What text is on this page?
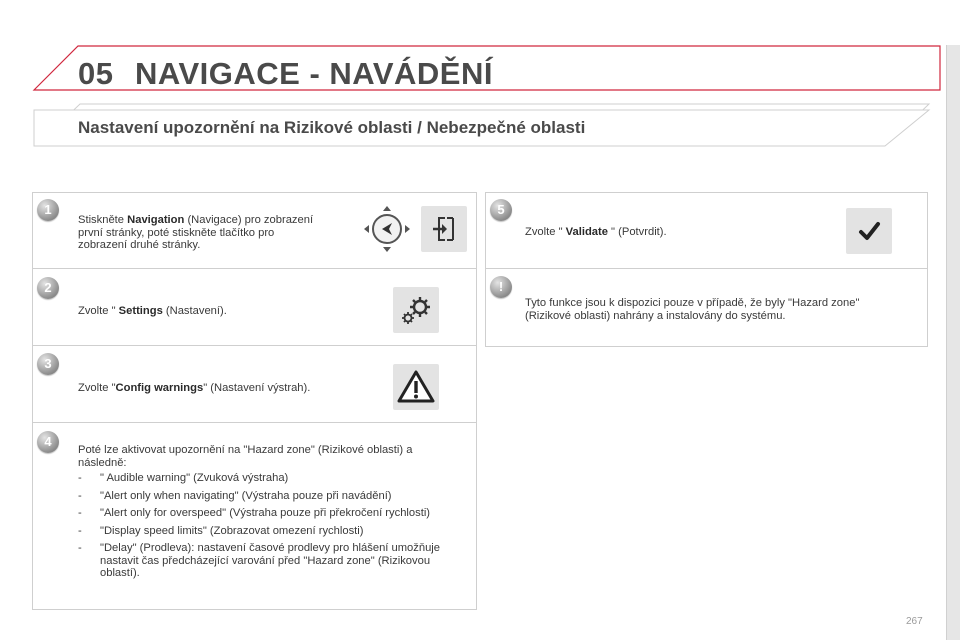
05 NAVIGACE - NAVÁDĚNÍ
Nastavení upozornění na Rizikové oblasti / Nebezpečné oblasti
1
Stiskněte Navigation (Navigace) pro zobrazení
první stránky, poté stiskněte tlačítko pro
zobrazení druhé stránky.
2
Zvolte " Settings (Nastavení).
3
Zvolte "Config warnings" (Nastavení výstrah).
4
Poté lze aktivovat upozornění na "Hazard zone" (Rizikové oblasti) a
následně:
- " Audible warning" (Zvuková výstraha)
- "Alert only when navigating" (Výstraha pouze při navádění)
- "Alert only for overspeed" (Výstraha pouze při překročení rychlosti)
- "Display speed limits" (Zobrazovat omezení rychlosti)
- "Delay" (Prodleva): nastavení časové prodlevy pro hlášení umožňuje nastavit čas předcházející varování před "Hazard zone" (Rizikovou oblastí).
5
Zvolte " Validate " (Potvrdit).
!
Tyto funkce jsou k dispozici pouze v případě, že byly "Hazard zone"
(Rizikové oblasti) nahrány a instalovány do systému.
267
